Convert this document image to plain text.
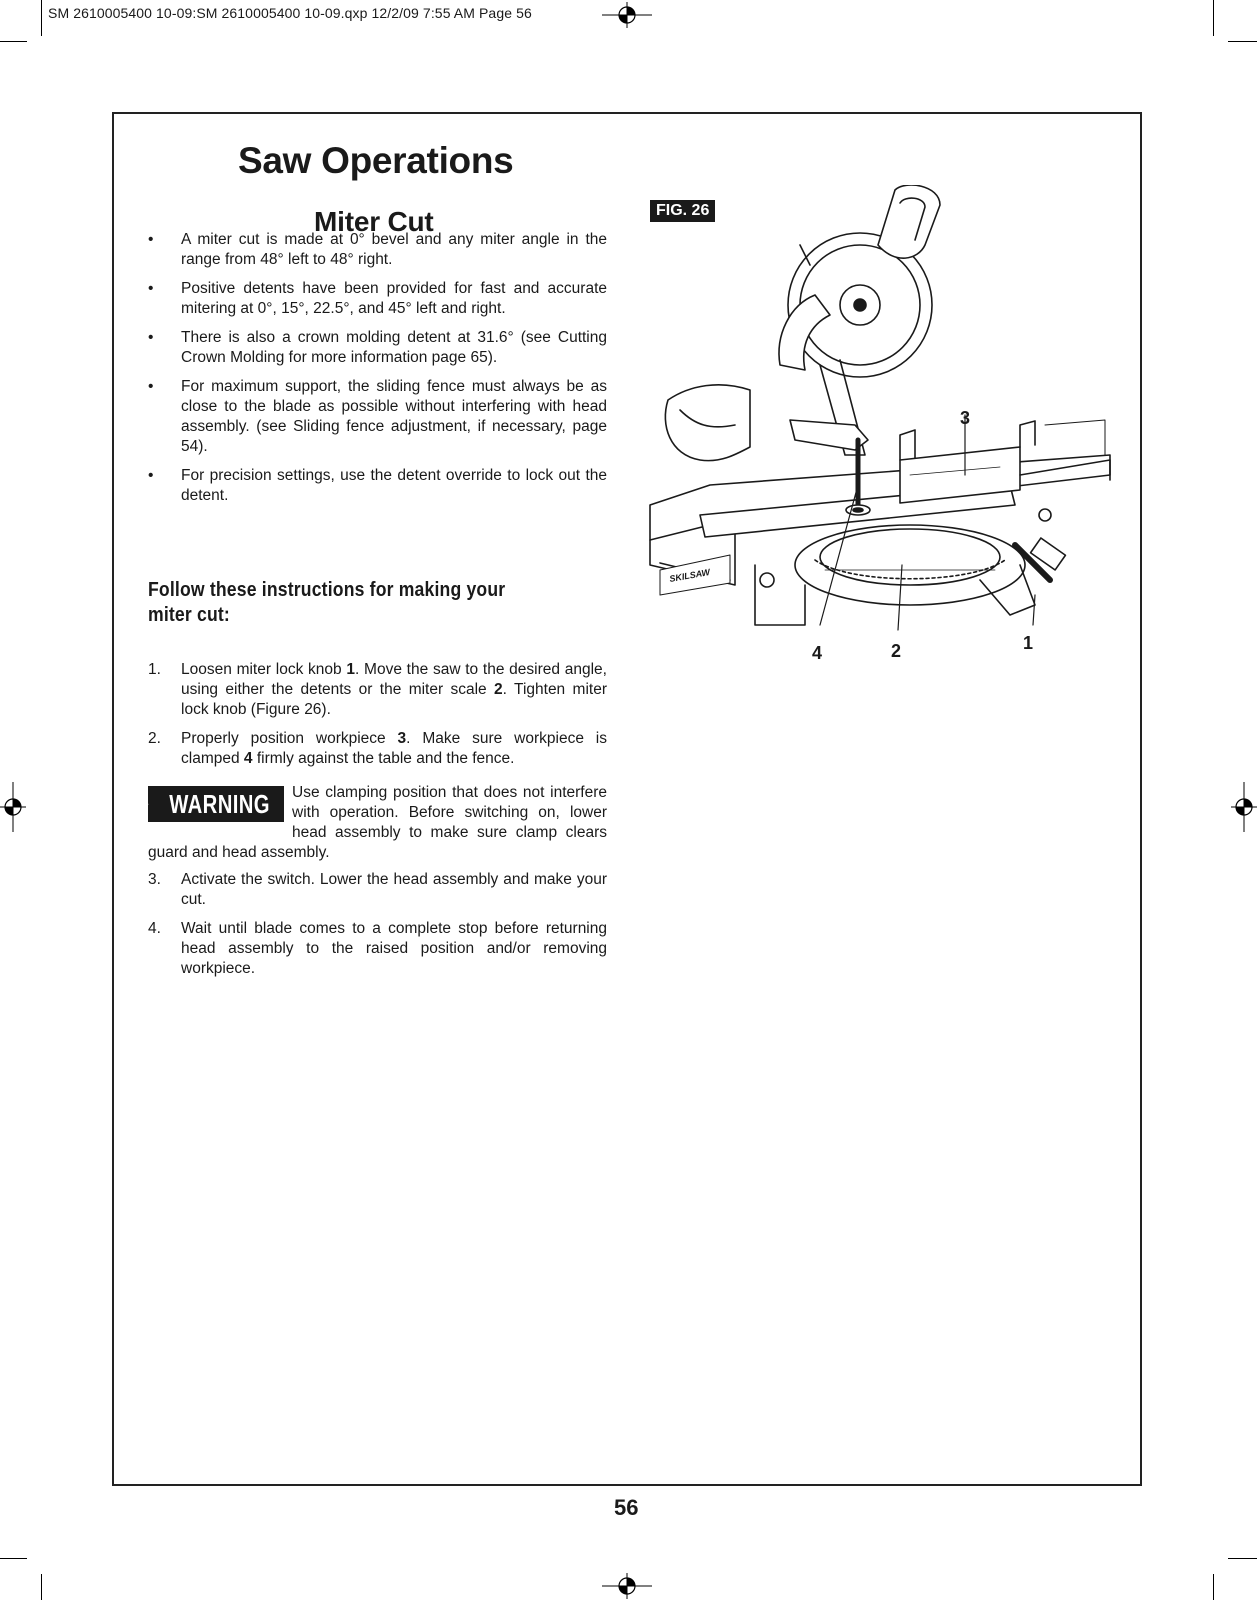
SM 2610005400 10-09:SM 2610005400 10-09.qxp 12/2/09 7:55 AM Page 56
Saw Operations
Miter Cut
• A miter cut is made at 0° bevel and any miter angle in the range from 48° left to 48° right.
• Positive detents have been provided for fast and accurate mitering at 0°, 15°, 22.5°, and 45° left and right.
• There is also a crown molding detent at 31.6° (see Cutting Crown Molding for more information page 65).
• For maximum support, the sliding fence must always be as close to the blade as possible without interfering with head assembly. (see Sliding fence adjustment, if necessary, page 54).
• For precision settings, use the detent override to lock out the detent.
Follow these instructions for making your miter cut:
1. Loosen miter lock knob 1. Move the saw to the desired angle, using either the detents or the miter scale 2. Tighten miter lock knob (Figure 26).
2. Properly position workpiece 3. Make sure workpiece is clamped 4 firmly against the table and the fence.
WARNING Use clamping position that does not interfere with operation. Before switching on, lower head assembly to make sure clamp clears guard and head assembly.
3. Activate the switch. Lower the head assembly and make your cut.
4. Wait until blade comes to a complete stop before returning head assembly to the raised position and/or removing workpiece.
FIG. 26
SKILSAW
3
1
2
4
56
